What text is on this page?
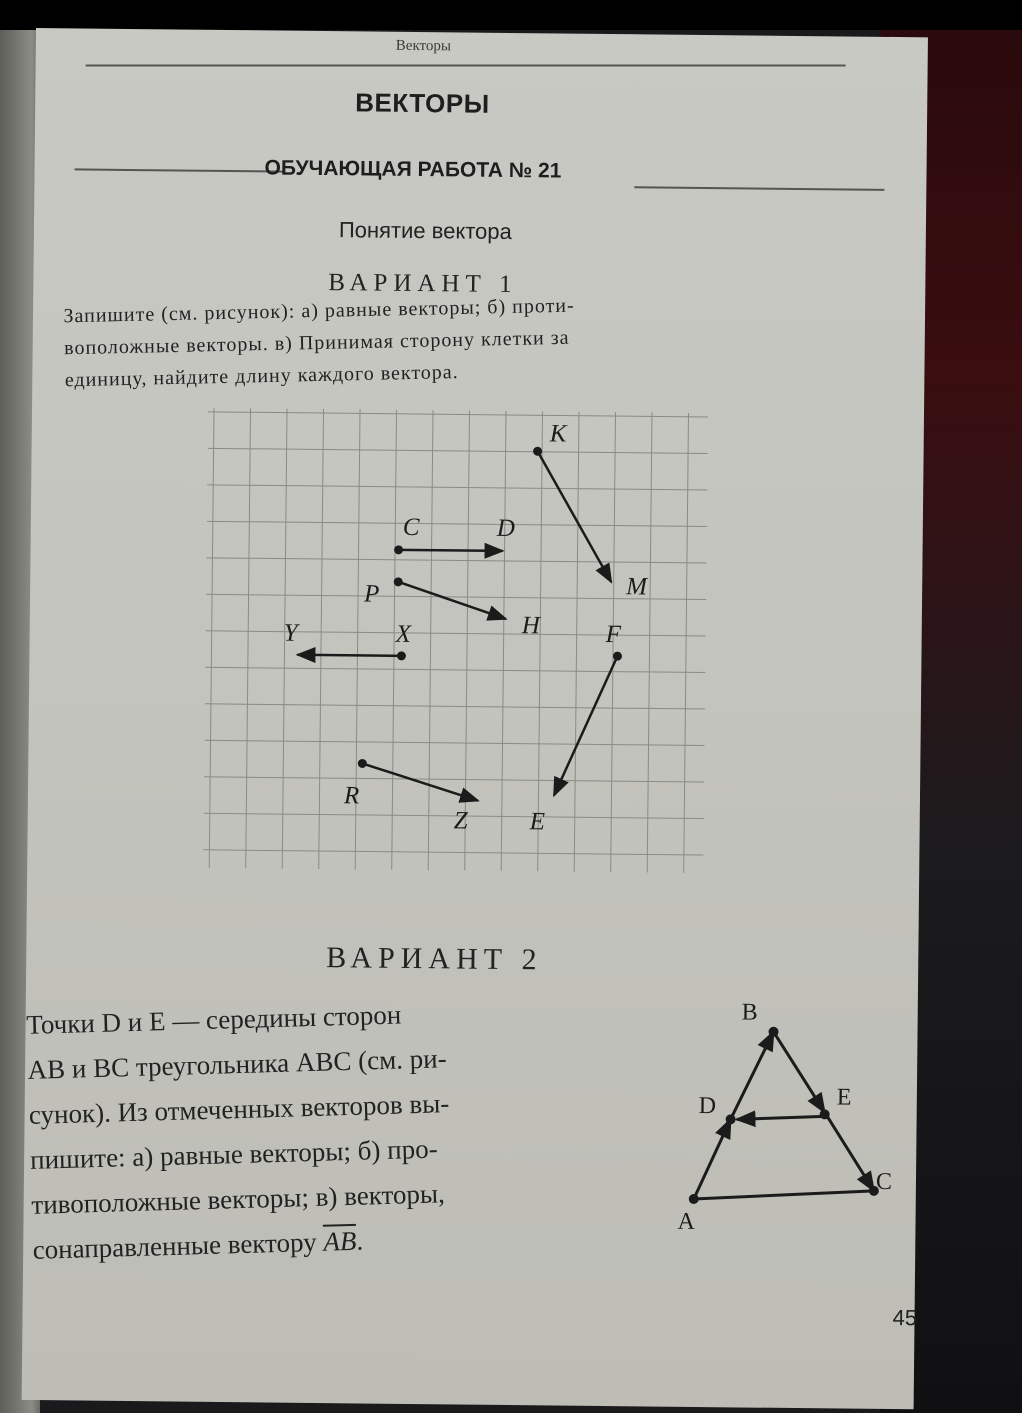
Векторы
ВЕКТОРЫ
ОБУЧАЮЩАЯ РАБОТА № 21
Понятие вектора
ВАРИАНТ 1
Запишите (см. рисунок): а) равные векторы; б) проти-
воположные векторы. в) Принимая сторону клетки за
единицу, найдите длину каждого вектора.
K
M
C	D
P
H
Y	X	F
E
R
Z
ВАРИАНТ 2

Точки D и E — середины сторон

AB и BC треугольника ABC (см. ри-

сунок). Из отмеченных векторов вы-

пишите: а) равные векторы; б) про-

тивоположные векторы; в) векторы,

сонаправленные вектору $\overline{AB}$.

A
B
C
D	E
45
